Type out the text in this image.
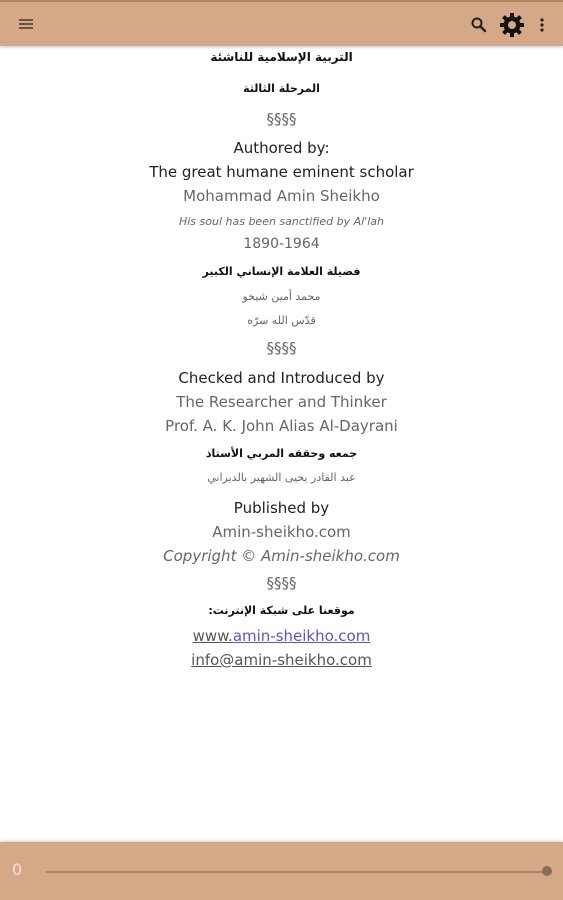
التربية الإسلامية للناشئة
المرحلة الثالثة
§§§§
Authored by:
The great humane eminent scholar
Mohammad Amin Sheikho
His soul has been sanctified by Al'lah
1890-1964
فضيلة العلامة الإنساني الكبير
محمد أمين شيخو
قدّس الله سرّه
§§§§
Checked and Introduced by
The Researcher and Thinker
Prof. A. K. John Alias Al-Dayrani
جمعه وحققه المربي الأستاذ
عبد القادر يحيى الشهير بالديراني
Published by
Amin-sheikho.com
Copyright © Amin-sheikho.com
§§§§
موقعنا على شبكة الإنترنت:
www.amin-sheikho.com
info@amin-sheikho.com
0
